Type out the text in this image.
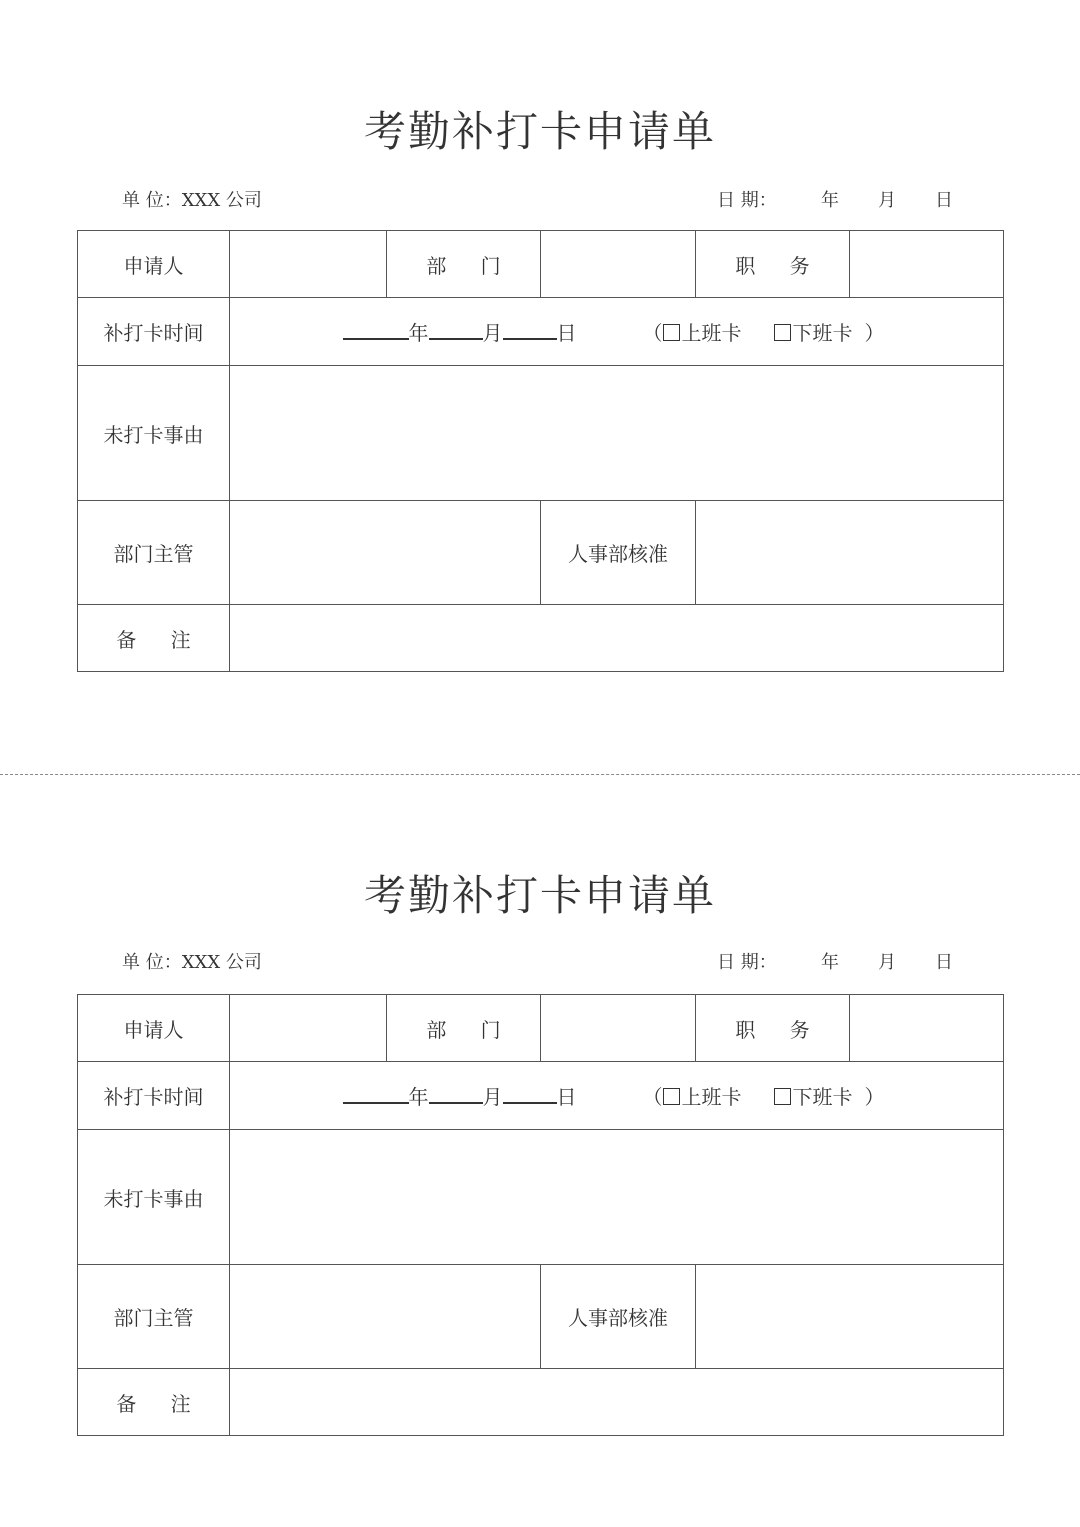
考勤补打卡申请单
单 位：XXX 公司	日 期： 年 月 日
申请人		部 门		职 务	
补打卡时间	年 月 日 （ 上班卡 下班卡 ）				

未打卡事由					
部门主管			人事部核准		
备 注					
考勤补打卡申请单
单 位：XXX 公司	日 期： 年 月 日
申请人		部 门		职 务	
补打卡时间	年 月 日 （ 上班卡 下班卡 ）				

未打卡事由					
部门主管			人事部核准		
备 注					
